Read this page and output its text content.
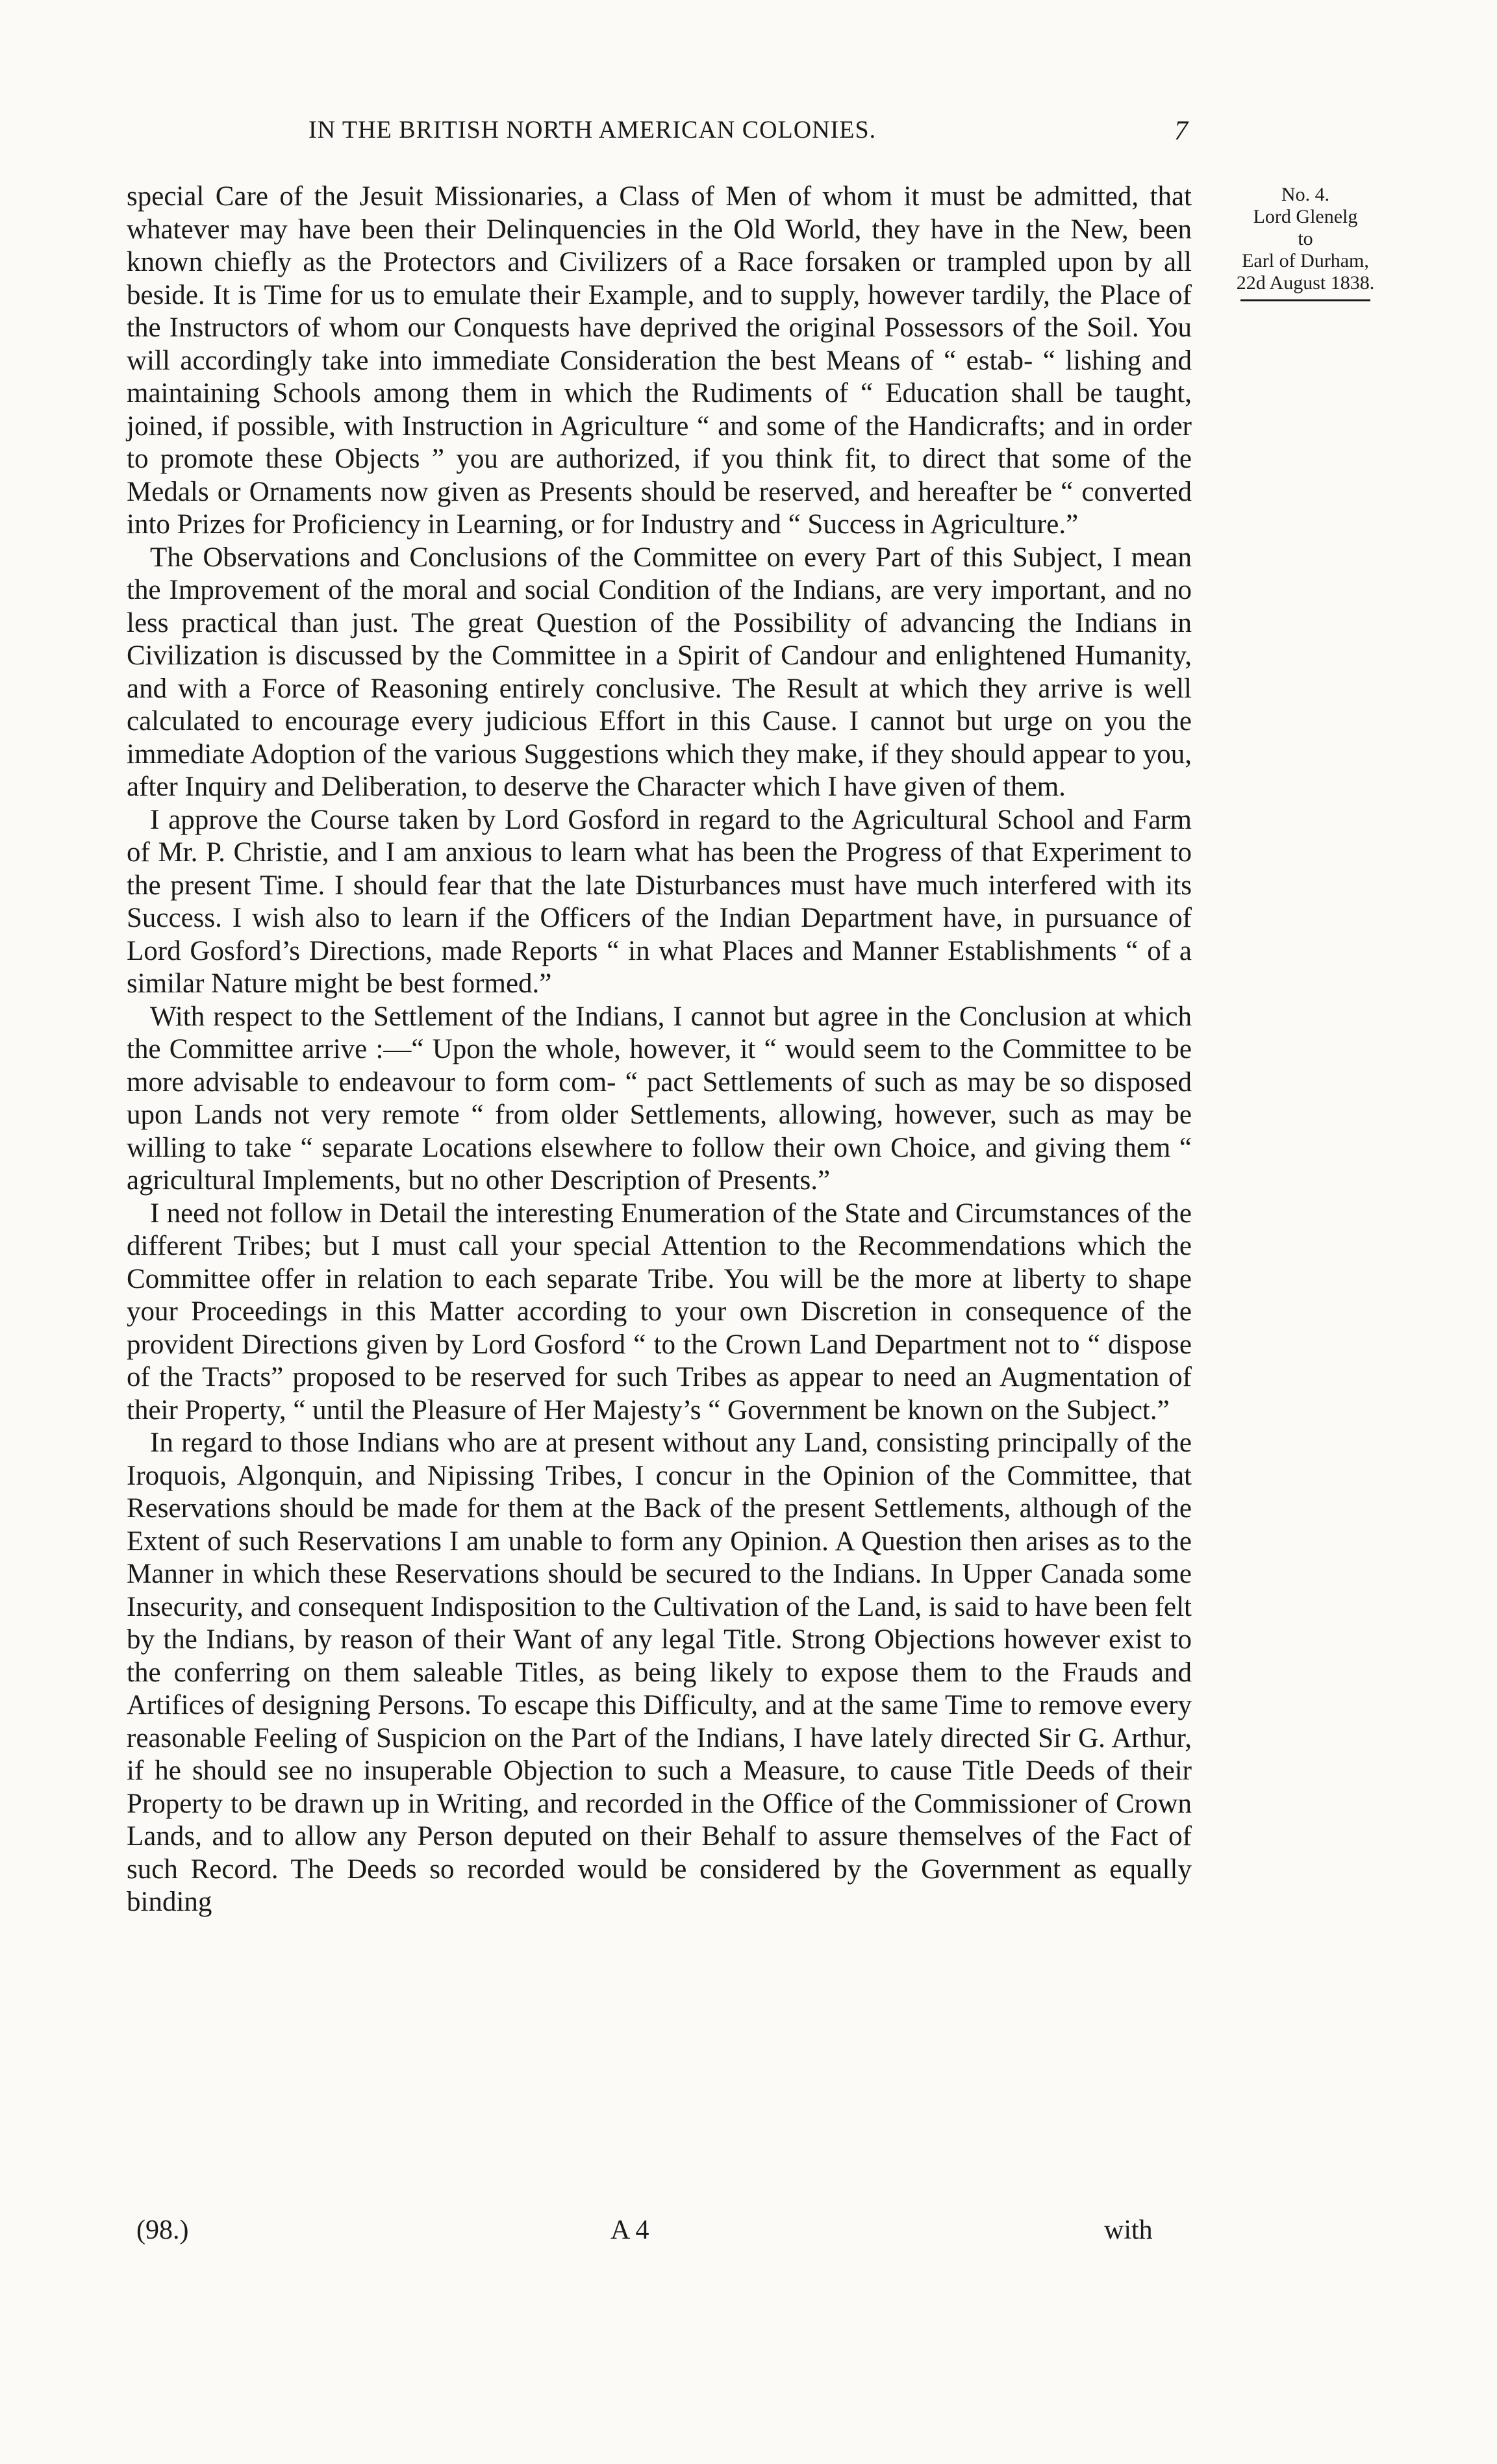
IN THE BRITISH NORTH AMERICAN COLONIES.	7

special Care of the Jesuit Missionaries, a Class of Men of whom it must be admitted, that whatever may have been their Delinquencies in the Old World, they have in the New, been known chiefly as the Protectors and Civilizers of a Race forsaken or trampled upon by all beside. It is Time for us to emulate their Example, and to supply, however tardily, the Place of the Instructors of whom our Conquests have deprived the original Possessors of the Soil. You will accordingly take into immediate Consideration the best Means of “ estab- “ lishing and maintaining Schools among them in which the Rudiments of “ Education shall be taught, joined, if possible, with Instruction in Agriculture “ and some of the Handicrafts; and in order to promote these Objects ” you are authorized, if you think fit, to direct that some of the Medals or Ornaments now given as Presents should be reserved, and hereafter be “ converted into Prizes for Proficiency in Learning, or for Industry and “ Success in Agriculture.”

The Observations and Conclusions of the Committee on every Part of this Subject, I mean the Improvement of the moral and social Condition of the Indians, are very important, and no less practical than just. The great Question of the Possibility of advancing the Indians in Civilization is discussed by the Committee in a Spirit of Candour and enlightened Humanity, and with a Force of Reasoning entirely conclusive. The Result at which they arrive is well calculated to encourage every judicious Effort in this Cause. I cannot but urge on you the immediate Adoption of the various Suggestions which they make, if they should appear to you, after Inquiry and Deliberation, to deserve the Character which I have given of them.

I approve the Course taken by Lord Gosford in regard to the Agricultural School and Farm of Mr. P. Christie, and I am anxious to learn what has been the Progress of that Experiment to the present Time. I should fear that the late Disturbances must have much interfered with its Success. I wish also to learn if the Officers of the Indian Department have, in pursuance of Lord Gosford’s Directions, made Reports “ in what Places and Manner Establishments “ of a similar Nature might be best formed.”

With respect to the Settlement of the Indians, I cannot but agree in the Conclusion at which the Committee arrive :—“ Upon the whole, however, it “ would seem to the Committee to be more advisable to endeavour to form com- “ pact Settlements of such as may be so disposed upon Lands not very remote “ from older Settlements, allowing, however, such as may be willing to take “ separate Locations elsewhere to follow their own Choice, and giving them “ agricultural Implements, but no other Description of Presents.”

I need not follow in Detail the interesting Enumeration of the State and Circumstances of the different Tribes; but I must call your special Attention to the Recommendations which the Committee offer in relation to each separate Tribe. You will be the more at liberty to shape your Proceedings in this Matter according to your own Discretion in consequence of the provident Directions given by Lord Gosford “ to the Crown Land Department not to “ dispose of the Tracts” proposed to be reserved for such Tribes as appear to need an Augmentation of their Property, “ until the Pleasure of Her Majesty’s “ Government be known on the Subject.”

In regard to those Indians who are at present without any Land, consisting principally of the Iroquois, Algonquin, and Nipissing Tribes, I concur in the Opinion of the Committee, that Reservations should be made for them at the Back of the present Settlements, although of the Extent of such Reservations I am unable to form any Opinion. A Question then arises as to the Manner in which these Reservations should be secured to the Indians. In Upper Canada some Insecurity, and consequent Indisposition to the Cultivation of the Land, is said to have been felt by the Indians, by reason of their Want of any legal Title. Strong Objections however exist to the conferring on them saleable Titles, as being likely to expose them to the Frauds and Artifices of designing Persons. To escape this Difficulty, and at the same Time to remove every reasonable Feeling of Suspicion on the Part of the Indians, I have lately directed Sir G. Arthur, if he should see no insuperable Objection to such a Measure, to cause Title Deeds of their Property to be drawn up in Writing, and recorded in the Office of the Commissioner of Crown Lands, and to allow any Person deputed on their Behalf to assure themselves of the Fact of such Record. The Deeds so recorded would be considered by the Government as equally binding

No. 4.
Lord Glenelg
to
Earl of Durham,
22d August 1838.
(98.)	A 4	with
